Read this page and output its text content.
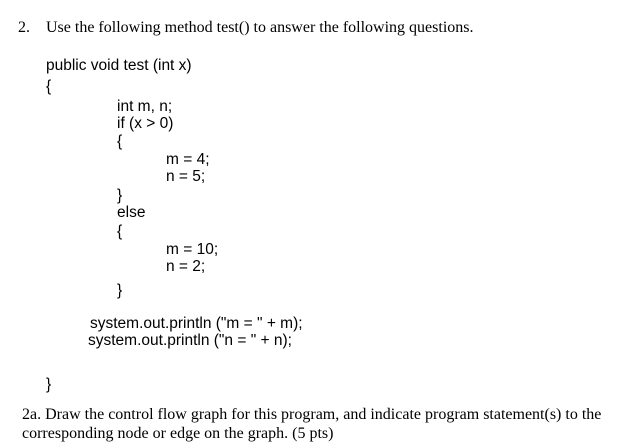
2. Use the following method test() to answer the following questions.
public void test (int x)
{
int m, n;
if (x > 0)
{
m = 4;
n = 5;
}
else
{
m = 10;
n = 2;
}
system.out.println ("m = " + m);
system.out.println ("n = " + n);
}
2a. Draw the control flow graph for this program, and indicate program statement(s) to the
corresponding node or edge on the graph. (5 pts)
